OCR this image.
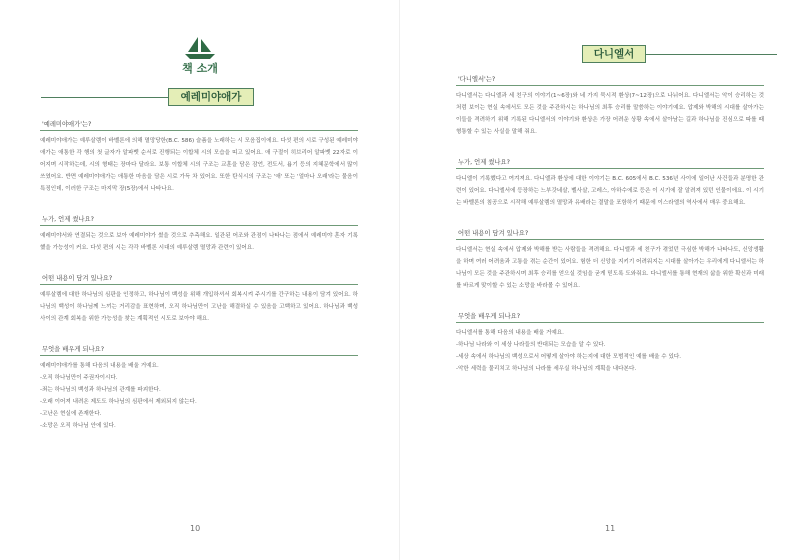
책 소개
예레미야애가
'예레미야애가'는?
예레미야애가는 예루살렘이 바벨론에 의해 멸망당한(B.C. 586) 슬픔을 노래하는 시 모음집이에요. 다섯 편의 시로 구성된 예레미야애가는 애통한 각 행의 첫 글자가 알파벳 순서로 진행되는 이합체 시의 모습을 띠고 있어요. 애 구절이 히브리어 알파벳 22자로 이어지며 시작하는데, 시의 형태는 장마다 달라요. 보통 이합체 시의 구조는 교훈을 담은 잠언, 전도서, 욥기 등의 지혜문학에서 많이 쓰였어요. 반면 예레미야애가는 애통한 마음을 담은 시로 가득 차 있어요. 또한 탄식시의 구조는 '애' 또는 '얼마나 오래'라는 물음이 특징인데, 이러한 구조는 마지막 장(5장)에서 나타나요.
누가, 언제 썼나요?
예레미야서와 연결되는 것으로 보아 예레미야가 썼을 것으로 추측해요. 일관된 어조와 관점이 나타나는 점에서 예레미야 혼자 기록했을 가능성이 커요. 다섯 편의 시는 각각 바벨론 시대의 예루살렘 멸망과 관련이 있어요.
어떤 내용이 담겨 있나요?
예루살렘에 대한 하나님의 심판을 인정하고, 하나님이 백성을 위해 개입하셔서 회복시켜 주시기를 간구하는 내용이 담겨 있어요. 하나님의 백성이 하나님께 느끼는 거리감을 표현하며, 오직 하나님만이 고난을 해결하실 수 있음을 고백하고 있어요. 하나님과 백성 사이의 관계 회복을 위한 가능성을 찾는 계획적인 시도로 보아야 해요.
무엇을 배우게 되나요?
예레미야애가를 통해 다음의 내용을 배울 거예요.
-오직 하나님만이 주권자이시다.
-죄는 하나님의 백성과 하나님의 관계를 파괴한다.
-오래 이어져 내려온 제도도 하나님의 심판에서 제외되지 않는다.
-고난은 현실에 존재한다.
-소망은 오직 하나님 안에 있다.
10
다니엘서
'다니엘서'는?
다니엘서는 다니엘과 세 친구의 이야기(1~6장)와 네 가지 묵시적 환상(7~12장)으로 나뉘어요. 다니엘서는 악이 승리하는 것처럼 보이는 현실 속에서도 모든 것을 주관하시는 하나님의 최후 승리를 말씀하는 이야기예요. 압제와 박해의 시대를 살아가는 이들을 격려하기 위해 기록된 다니엘서의 이야기와 환상은 가장 어려운 상황 속에서 살아남는 길과 하나님을 진심으로 따를 때 형통할 수 있는 사실을 말해 줘요.
누가, 언제 썼나요?
다니엘이 기록했다고 여겨져요. 다니엘과 환상에 대한 이야기는 B.C. 605에서 B.C. 536년 사이에 일어난 사건들과 분명한 관련이 있어요. 다니엘서에 등장하는 느부갓네살, 벨사살, 고레스, 아하수에로 등은 이 시기에 잘 알려져 있던 인물이에요. 이 시기는 바벨론의 침공으로 시작해 예루살렘의 멸망과 유배라는 결말을 포함하기 때문에 이스라엘의 역사에서 매우 중요해요.
어떤 내용이 담겨 있나요?
다니엘서는 현실 속에서 압제와 박해를 받는 사람들을 격려해요. 다니엘과 세 친구가 겪었던 극심한 박해가 나타나도, 신앙생활을 하며 여러 어려움과 고통을 겪는 순간이 있어요. 험한 더 신앙을 지키기 어려워지는 시대를 살아가는 우리에게 다니엘서는 하나님이 모든 것을 주관하시며 최후 승리를 얻으실 것임을 굳게 믿도록 도와줘요. 다니엘서를 통해 현재의 삶을 위한 확신과 미래를 바르게 맞이할 수 있는 소망을 바라볼 수 있어요.
무엇을 배우게 되나요?
다니엘서를 통해 다음의 내용을 배울 거예요.
-하나님 나라와 이 세상 나라들의 반대되는 모습을 알 수 있다.
-세상 속에서 하나님의 백성으로서 어떻게 살아야 하는지에 대한 모범적인 예를 배울 수 있다.
-악한 세력을 물리치고 하나님의 나라를 세우실 하나님의 계획을 내다본다.
11
